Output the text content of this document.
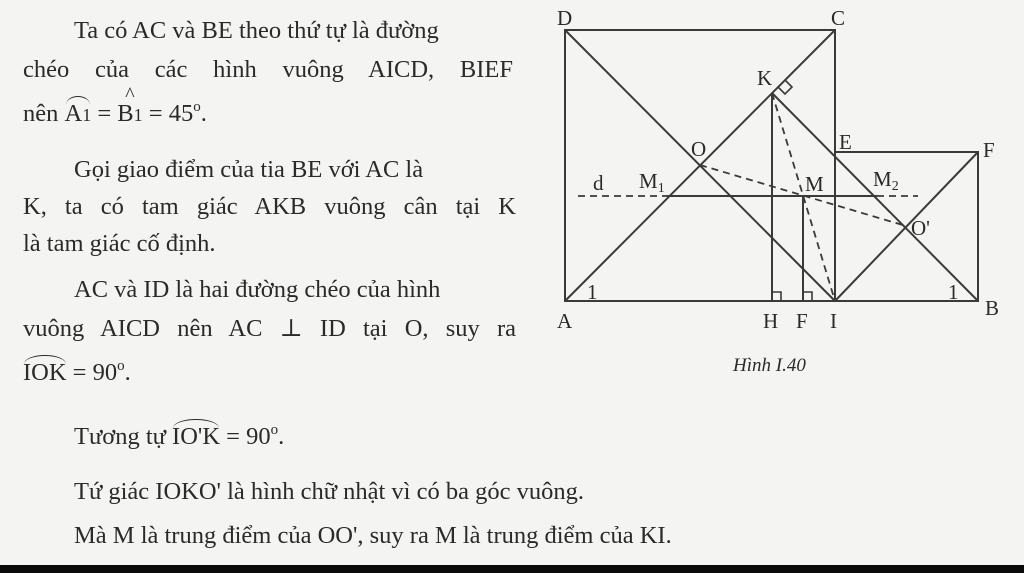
Ta có AC và BE theo thứ tự là đường
chéo của các hình vuông AICD, BIEF
nên A1 = ^ $B1 = 45^o$.
Gọi giao điểm của tia BE với AC là
K, ta có tam giác AKB vuông cân tại K
là tam giác cố định.
AC và ID là hai đường chéo của hình
vuông AICD nên AC ⊥ ID tại O, suy ra
IOK = $90^o$.
Tương tự $IO'K = 90^o$.
Tứ giác IOKO' là hình chữ nhật vì có ba góc vuông.
Mà M là trung điểm của OO', suy ra M là trung điểm của KI.
D	C
K
O	E	F
d M1	M M2
O'
1	1
A	H F I
B
Hình I.40
